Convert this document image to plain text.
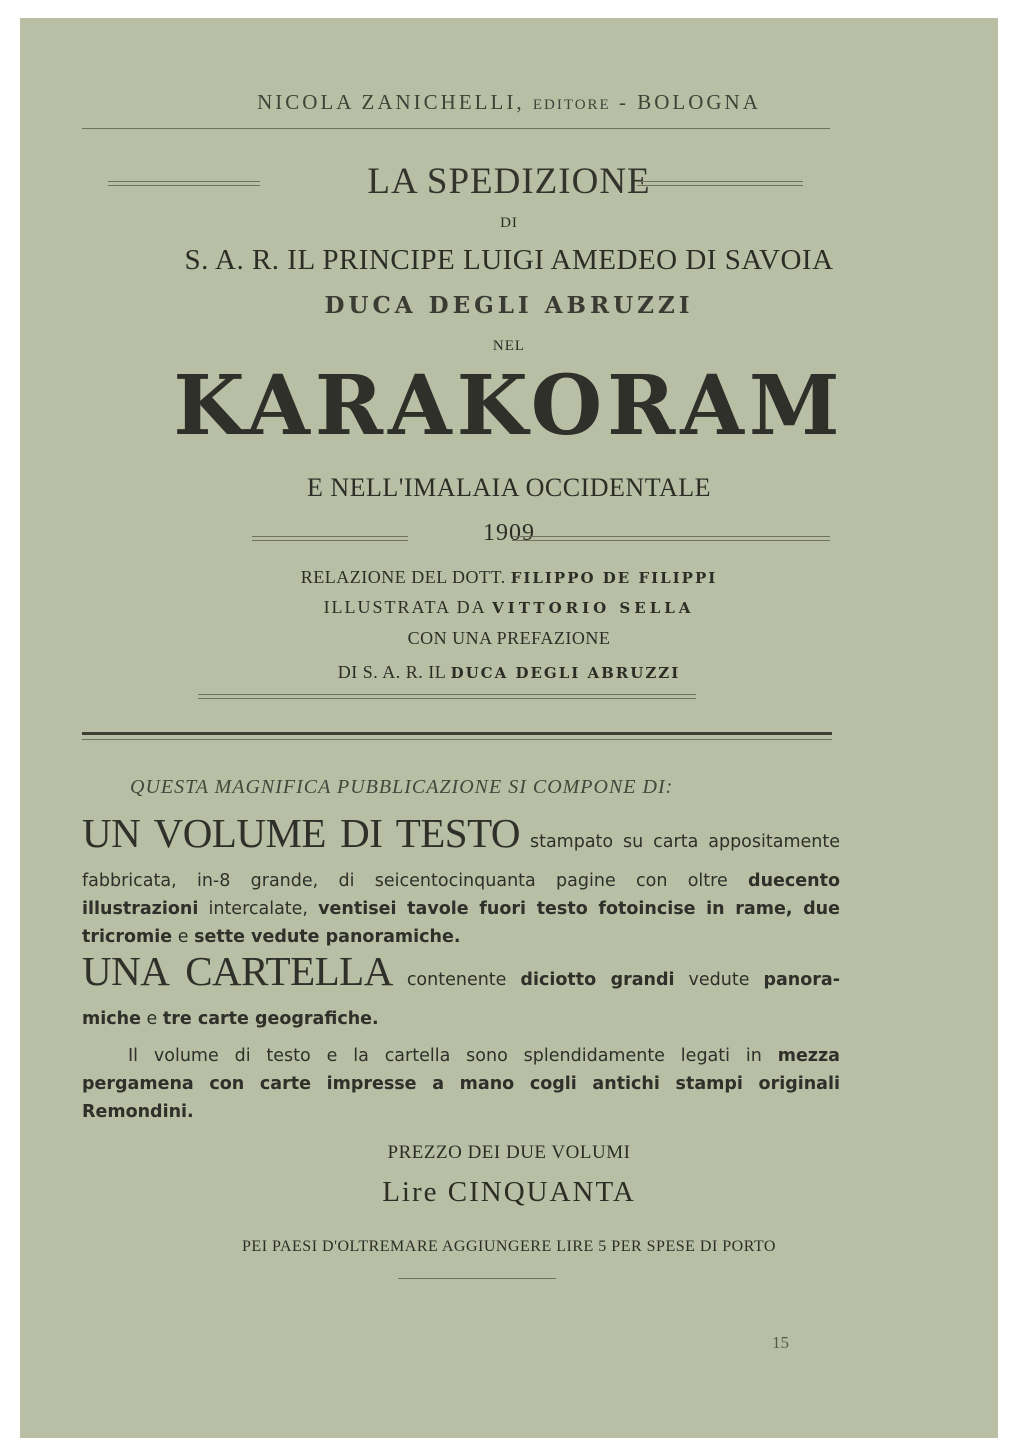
NICOLA ZANICHELLI, EDITORE - BOLOGNA
LA SPEDIZIONE
DI
S. A. R. IL PRINCIPE LUIGI AMEDEO DI SAVOIA
DUCA DEGLI ABRUZZI
NEL
KARAKORAM
E NELL'IMALAIA OCCIDENTALE
1909
RELAZIONE DEL DOTT. FILIPPO DE FILIPPI
ILLUSTRATA DA VITTORIO SELLA
CON UNA PREFAZIONE
DI S. A. R. IL DUCA DEGLI ABRUZZI
QUESTA MAGNIFICA PUBBLICAZIONE SI COMPONE DI:
UN VOLUME DI TESTO stampato su carta appositamente
fabbricata, in-8 grande, di seicentocinquanta pagine con oltre duecento
illustrazioni intercalate, ventisei tavole fuori testo fotoincise in rame, due
tricromie e sette vedute panoramiche.
UNA CARTELLA contenente diciotto grandi vedute panora-
miche e tre carte geografiche.
Il volume di testo e la cartella sono splendidamente legati in mezza
pergamena con carte impresse a mano cogli antichi stampi originali
Remondini.
PREZZO DEI DUE VOLUMI
Lire CINQUANTA
PEI PAESI D'OLTREMARE AGGIUNGERE LIRE 5 PER SPESE DI PORTO
15
